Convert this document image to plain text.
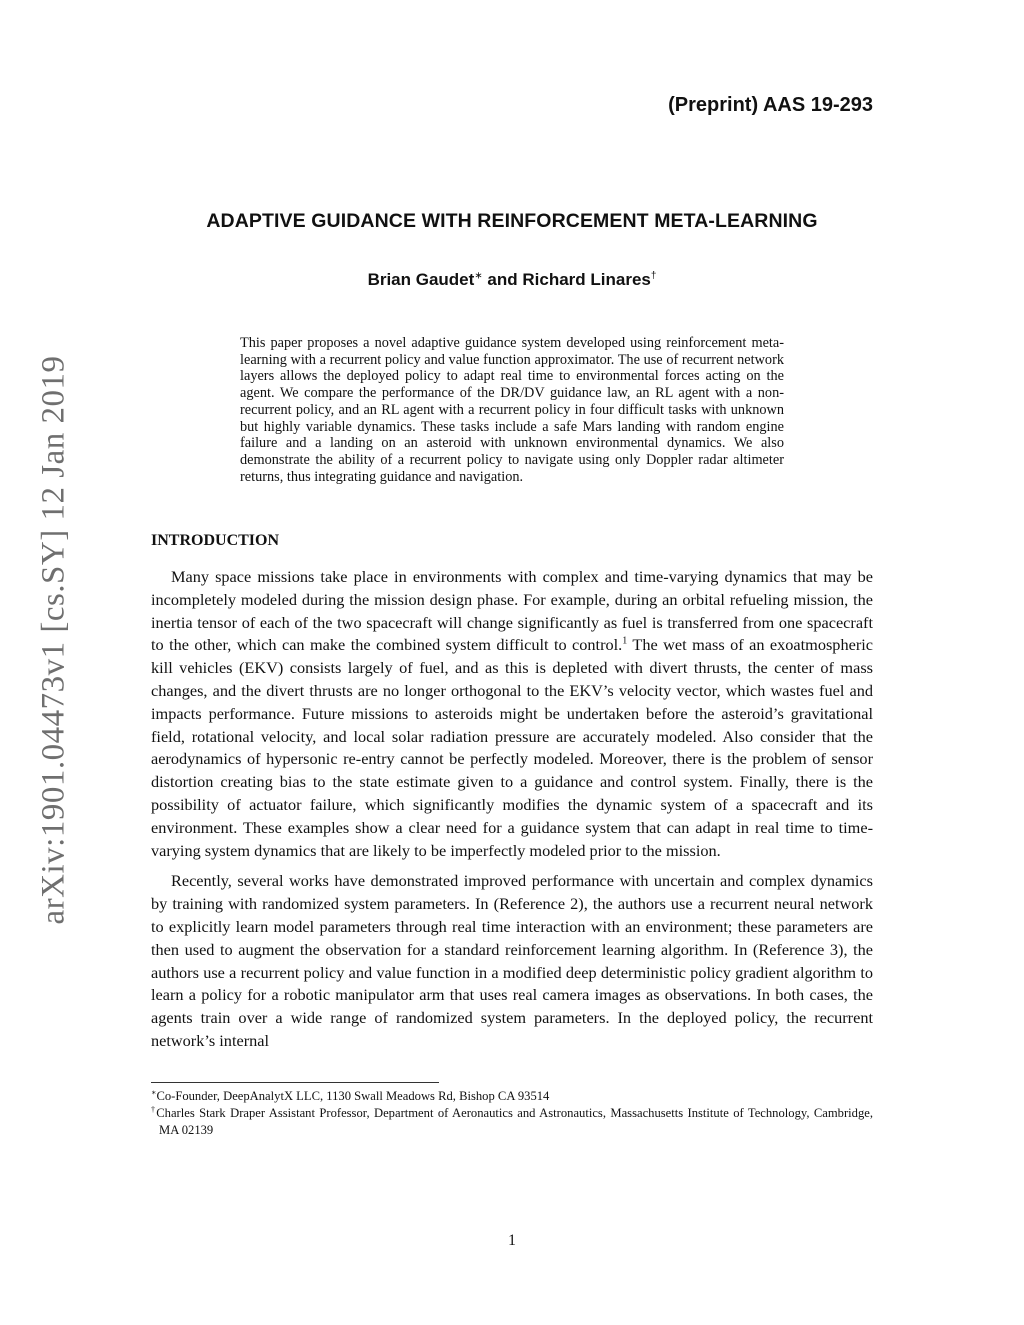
arXiv:1901.04473v1 [cs.SY] 12 Jan 2019
(Preprint) AAS 19-293
ADAPTIVE GUIDANCE WITH REINFORCEMENT META-LEARNING
Brian Gaudet∗ and Richard Linares†
This paper proposes a novel adaptive guidance system developed using reinforcement meta-learning with a recurrent policy and value function approximator. The use of recurrent network layers allows the deployed policy to adapt real time to environmental forces acting on the agent. We compare the performance of the DR/DV guidance law, an RL agent with a non-recurrent policy, and an RL agent with a recurrent policy in four difficult tasks with unknown but highly variable dynamics. These tasks include a safe Mars landing with random engine failure and a landing on an asteroid with unknown environmental dynamics. We also demonstrate the ability of a recurrent policy to navigate using only Doppler radar altimeter returns, thus integrating guidance and navigation.
INTRODUCTION

Many space missions take place in environments with complex and time-varying dynamics that may be incompletely modeled during the mission design phase. For example, during an orbital refueling mission, the inertia tensor of each of the two spacecraft will change significantly as fuel is transferred from one spacecraft to the other, which can make the combined system difficult to control.$^1$ The wet mass of an exoatmospheric kill vehicles (EKV) consists largely of fuel, and as this is depleted with divert thrusts, the center of mass changes, and the divert thrusts are no longer orthogonal to the EKV’s velocity vector, which wastes fuel and impacts performance. Future missions to asteroids might be undertaken before the asteroid’s gravitational field, rotational velocity, and local solar radiation pressure are accurately modeled. Also consider that the aerodynamics of hypersonic re-entry cannot be perfectly modeled. Moreover, there is the problem of sensor distortion creating bias to the state estimate given to a guidance and control system. Finally, there is the possibility of actuator failure, which significantly modifies the dynamic system of a spacecraft and its environment. These examples show a clear need for a guidance system that can adapt in real time to time-varying system dynamics that are likely to be imperfectly modeled prior to the mission.

Recently, several works have demonstrated improved performance with uncertain and complex dynamics by training with randomized system parameters. In (Reference 2), the authors use a recurrent neural network to explicitly learn model parameters through real time interaction with an environment; these parameters are then used to augment the observation for a standard reinforcement learning algorithm. In (Reference 3), the authors use a recurrent policy and value function in a modified deep deterministic policy gradient algorithm to learn a policy for a robotic manipulator arm that uses real camera images as observations. In both cases, the agents train over a wide range of randomized system parameters. In the deployed policy, the recurrent network’s internal

∗Co-Founder, DeepAnalytX LLC, 1130 Swall Meadows Rd, Bishop CA 93514

†Charles Stark Draper Assistant Professor, Department of Aeronautics and Astronautics, Massachusetts Institute of Technology, Cambridge, MA 02139

1
